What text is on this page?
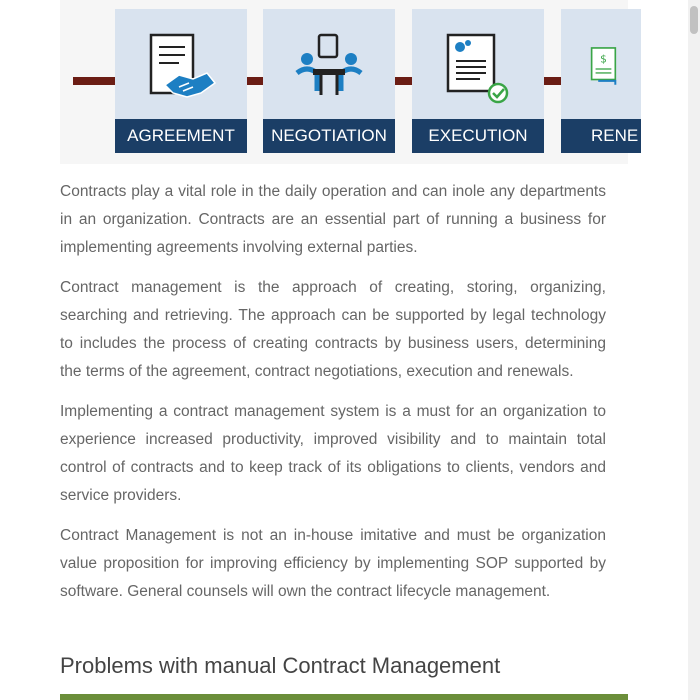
AGREEMENT	NEGOTIATION	EXECUTION
$
RENE

Contracts play a vital role in the daily operation and can inole any departments in an organization. Contracts are an essential part of running a business for implementing agreements involving external parties.

Contract management is the approach of creating, storing, organizing, searching and retrieving. The approach can be supported by legal technology to includes the process of creating contracts by business users, determining the terms of the agreement, contract negotiations, execution and renewals.

Implementing a contract management system is a must for an organization to experience increased productivity, improved visibility and to maintain total control of contracts and to keep track of its obligations to clients, vendors and service providers.

Contract Management is not an in-house imitative and must be organization value proposition for improving efficiency by implementing SOP supported by software. General counsels will own the contract lifecycle management.

Problems with manual Contract Management
